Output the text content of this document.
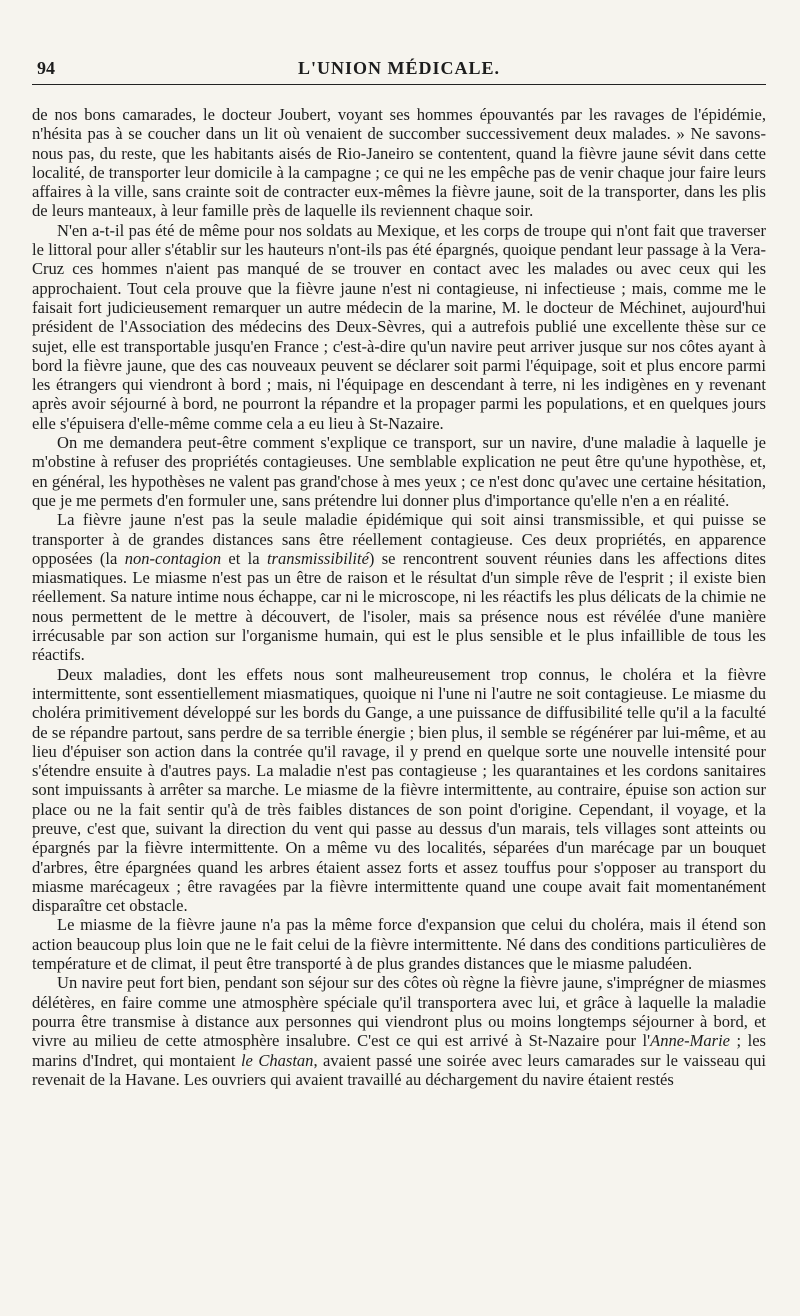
94	L'UNION MÉDICALE.

de nos bons camarades, le docteur Joubert, voyant ses hommes épouvantés par les ravages de l'épidémie, n'hésita pas à se coucher dans un lit où venaient de succomber successivement deux malades. » Ne savons-nous pas, du reste, que les habitants aisés de Rio-Janeiro se contentent, quand la fièvre jaune sévit dans cette localité, de transporter leur domicile à la campagne ; ce qui ne les empêche pas de venir chaque jour faire leurs affaires à la ville, sans crainte soit de contracter eux-mêmes la fièvre jaune, soit de la transporter, dans les plis de leurs manteaux, à leur famille près de laquelle ils reviennent chaque soir.

N'en a-t-il pas été de même pour nos soldats au Mexique, et les corps de troupe qui n'ont fait que traverser le littoral pour aller s'établir sur les hauteurs n'ont-ils pas été épargnés, quoique pendant leur passage à la Vera-Cruz ces hommes n'aient pas manqué de se trouver en contact avec les malades ou avec ceux qui les approchaient. Tout cela prouve que la fièvre jaune n'est ni contagieuse, ni infectieuse ; mais, comme me le faisait fort judicieusement remarquer un autre médecin de la marine, M. le docteur de Méchinet, aujourd'hui président de l'Association des médecins des Deux-Sèvres, qui a autrefois publié une excellente thèse sur ce sujet, elle est transportable jusqu'en France ; c'est-à-dire qu'un navire peut arriver jusque sur nos côtes ayant à bord la fièvre jaune, que des cas nouveaux peuvent se déclarer soit parmi l'équipage, soit et plus encore parmi les étrangers qui viendront à bord ; mais, ni l'équipage en descendant à terre, ni les indigènes en y revenant après avoir séjourné à bord, ne pourront la répandre et la propager parmi les populations, et en quelques jours elle s'épuisera d'elle-même comme cela a eu lieu à St-Nazaire.

On me demandera peut-être comment s'explique ce transport, sur un navire, d'une maladie à laquelle je m'obstine à refuser des propriétés contagieuses. Une semblable explication ne peut être qu'une hypothèse, et, en général, les hypothèses ne valent pas grand'chose à mes yeux ; ce n'est donc qu'avec une certaine hésitation, que je me permets d'en formuler une, sans prétendre lui donner plus d'importance qu'elle n'en a en réalité.

La fièvre jaune n'est pas la seule maladie épidémique qui soit ainsi transmissible, et qui puisse se transporter à de grandes distances sans être réellement contagieuse. Ces deux propriétés, en apparence opposées (la non-contagion et la transmissibilité) se rencontrent souvent réunies dans les affections dites miasmatiques. Le miasme n'est pas un être de raison et le résultat d'un simple rêve de l'esprit ; il existe bien réellement. Sa nature intime nous échappe, car ni le microscope, ni les réactifs les plus délicats de la chimie ne nous permettent de le mettre à découvert, de l'isoler, mais sa présence nous est révélée d'une manière irrécusable par son action sur l'organisme humain, qui est le plus sensible et le plus infaillible de tous les réactifs.

Deux maladies, dont les effets nous sont malheureusement trop connus, le choléra et la fièvre intermittente, sont essentiellement miasmatiques, quoique ni l'une ni l'autre ne soit contagieuse. Le miasme du choléra primitivement développé sur les bords du Gange, a une puissance de diffusibilité telle qu'il a la faculté de se répandre partout, sans perdre de sa terrible énergie ; bien plus, il semble se régénérer par lui-même, et au lieu d'épuiser son action dans la contrée qu'il ravage, il y prend en quelque sorte une nouvelle intensité pour s'étendre ensuite à d'autres pays. La maladie n'est pas contagieuse ; les quarantaines et les cordons sanitaires sont impuissants à arrêter sa marche. Le miasme de la fièvre intermittente, au contraire, épuise son action sur place ou ne la fait sentir qu'à de très faibles distances de son point d'origine. Cependant, il voyage, et la preuve, c'est que, suivant la direction du vent qui passe au dessus d'un marais, tels villages sont atteints ou épargnés par la fièvre intermittente. On a même vu des localités, séparées d'un marécage par un bouquet d'arbres, être épargnées quand les arbres étaient assez forts et assez touffus pour s'opposer au transport du miasme marécageux ; être ravagées par la fièvre intermittente quand une coupe avait fait momentanément disparaître cet obstacle.

Le miasme de la fièvre jaune n'a pas la même force d'expansion que celui du choléra, mais il étend son action beaucoup plus loin que ne le fait celui de la fièvre intermittente. Né dans des conditions particulières de température et de climat, il peut être transporté à de plus grandes distances que le miasme paludéen.

Un navire peut fort bien, pendant son séjour sur des côtes où règne la fièvre jaune, s'imprégner de miasmes délétères, en faire comme une atmosphère spéciale qu'il transportera avec lui, et grâce à laquelle la maladie pourra être transmise à distance aux personnes qui viendront plus ou moins longtemps séjourner à bord, et vivre au milieu de cette atmosphère insalubre. C'est ce qui est arrivé à St-Nazaire pour l'Anne-Marie ; les marins d'Indret, qui montaient le Chastan, avaient passé une soirée avec leurs camarades sur le vaisseau qui revenait de la Havane. Les ouvriers qui avaient travaillé au déchargement du navire étaient restés
